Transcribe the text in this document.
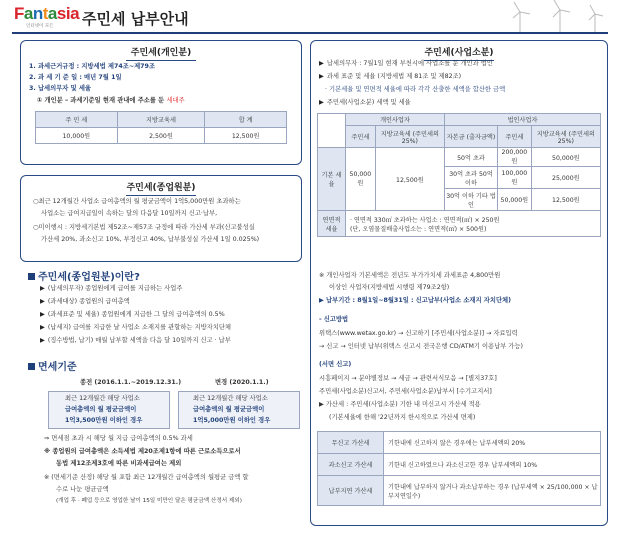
Fantasia
인터넷이 모든 주민세 납부안내
주민세(개인분)
1. 과세근거규정 : 지방세법 제74조~제79조
2. 과 세 기 준 일 : 매년 7월 1일
3. 납세의무자 및 세율
① 개인분 – 과세기준일 현재 관내에 주소를 둔 세대주
주 민 세	지방교육세	합 계
10,000원	2,500원	12,500원
주민세(종업원분)
○최근 12개월간 사업소 급여총액의 월 평균금액이 1억5,000만원 초과하는
사업소는 급여지급일이 속하는 달의 다음달 10일까지 신고·납부,
○미이행시 : 지방세기본법 제52조~제57조 규정에 따라 가산세 부과(신고불성실
가산세 20%, 과소신고 10%, 부정신고 40%, 납부불성실 가산세 1일 0.025%)
주민세(종업원분)이란?
▶ (납세의무자) 종업원에게 급여를 지급하는 사업주
▶ (과세대상) 종업원의 급여총액
▶ (과세표준 및 세율) 종업원에게 지급한 그 달의 급여총액의 0.5%
▶ (납세지) 급여를 지급한 날 사업소 소재지를 관할하는 지방자치단체
▶ (징수방법, 납기) 매월 납부할 세액을 다음 달 10일까지 신고 · 납부
면세기준
종전 (2016.1.1.~2019.12.31.)	변경 (2020.1.1.)
최근 12개월간 해당 사업소
급여총액의 월 평균금액이
1억3,500만원 이하인 경우
최근 12개월간 해당 사업소
급여총액의 월 평균금액이
1억5,000만원 이하인 경우
⇒ 면세점 초과 시 해당 월 지급 급여총액의 0.5% 과세
※ 종업원의 급여총액은 소득세법 제20조제1항에 따른 근로소득으로서
동법 제12조제3호에 따른 비과세급여는 제외
※ (면세기준 산정) 해당 월 포함 최근 12개월간 급여총액의 월평균 금액 할
수로 나눈 평균금액
(개업 후 · 폐업 등으로 영업한 날이 15일 미만인 달은 평균금액 산정서 제외)
주민세(사업소분)
▶ 납세의무자 : 7월1일 현재 부천시에 사업소를 둔 개인과 법인
▶ 과세 표준 및 세율 (지방세법 제 81조 및 제82조)
· 기본세율 및 연면적 세율에 따라 각각 산출한 세액을 합산한 금액
▶ 주민세(사업소분) 세액 및 세율
	개인사업자		법인사업자		
	주민세	지방교육세 (주민세의25%)	자본금 (출자금액)	주민세	지방교육세 (주민세의25%)
기본 세율	50,000원	12,500원	50억 초과	200,000원	50,000원
			30억 초과 50억 이하	100,000원	25,000원
			30억 이하 기타 법인	50,000원	12,500원
연면적 세율	· 연면적 330㎡ 초과하는 사업소 : 연면적(㎡) × 250원
(단, 오염물질배출사업소는 : 연면적(㎡) × 500원)				
※ 개인사업자 기본세액은 전년도 부가가치세 과세표준 4,800만원
이상인 사업자(지방세법 시행령 제79조2항)
▶ 납부기간 : 8월1일~8월31일 : 신고납부(사업소 소재지 자치단체)
- 신고방법
위택스(www.wetax.go.kr) → 신고하기 [주민세(사업소분)] → 자료입력
→ 신고 → 인터넷 납부(위택스 신고시 전국은행 CD/ATM기 이용납부 가능)
(서면 신고)
시흥페이지 → 분야별정보 → 세금 → 관련서식모음 → [별지37호]
주민세(사업소분)신고서, 주민세(사업소분)납부서 [수기고지서]
▶ 가산세 : 주민세(사업소분) 기한 내 미신고시 가산세 적용
(기본세율에 한해 '22년까지 한시적으로 가산세 면제)
무신고 가산세	기한내에 신고하지 않은 경우에는 납부세액의 20%
과소신고 가산세	기한내 신고하였으나 과소신고한 경우 납부세액의 10%
납부지연 가산세	기한내에 납부하지 않거나 과소납부하는 경우 (납부세액 × 25/100,000 × 납부지연일수)
